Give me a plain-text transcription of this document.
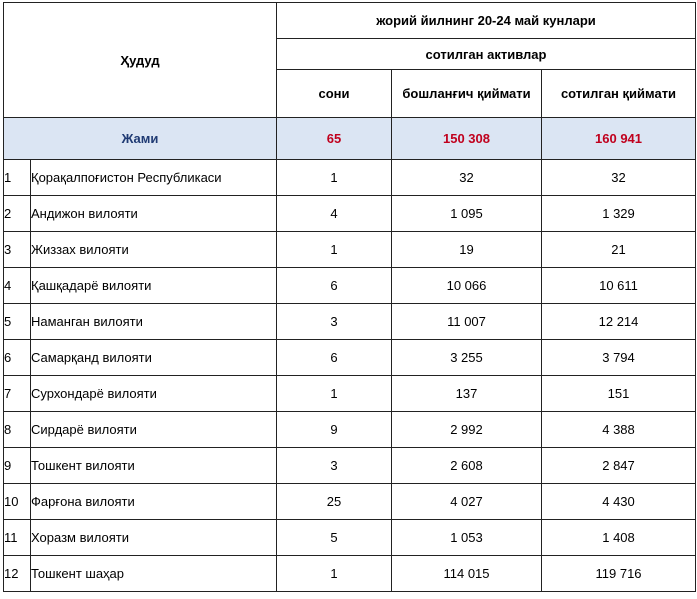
Ҳудуд		жорий йилнинг 20-24 май кунлари		
		сотилган активлар		
		сони	бошланғич қиймати	сотилган қиймати
Жами		65	150 308	160 941
1	Қорақалпоғистон Республикаси	1	32	32
2	Андижон вилояти	4	1 095	1 329
3	Жиззах вилояти	1	19	21
4	Қашқадарё вилояти	6	10 066	10 611
5	Наманган вилояти	3	11 007	12 214
6	Самарқанд вилояти	6	3 255	3 794
7	Сурхондарё вилояти	1	137	151
8	Сирдарё вилояти	9	2 992	4 388
9	Тошкент вилояти	3	2 608	2 847
10	Фарғона вилояти	25	4 027	4 430
11	Хоразм вилояти	5	1 053	1 408
12	Тошкент шаҳар	1	114 015	119 716
